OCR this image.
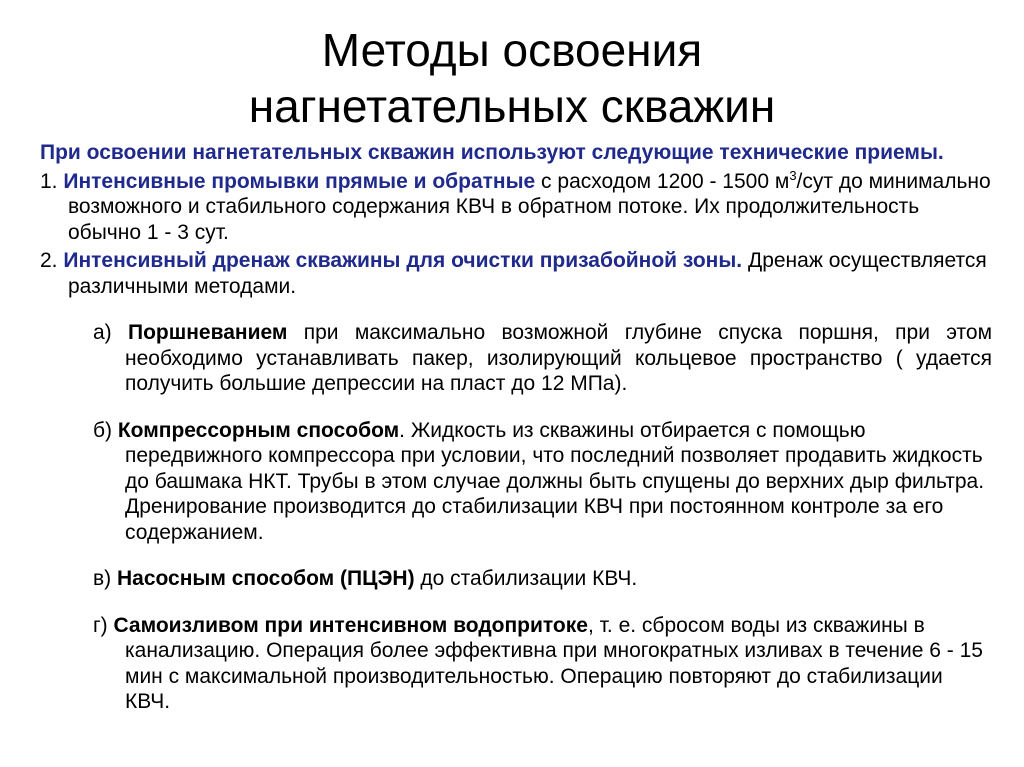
Методы освоения
нагнетательных скважин

При освоении нагнетательных скважин используют следующие технические приемы.

1. Интенсивные промывки прямые и обратные с расходом 1200 - 1500 $м^3$/сут до минимально возможного и стабильного содержания КВЧ в обратном потоке. Их продолжительность обычно 1 - 3 сут.

2. Интенсивный дренаж скважины для очистки призабойной зоны. Дренаж осуществляется различными методами.

а) Поршневанием при максимально возможной глубине спуска поршня, при этом необходимо устанавливать пакер, изолирующий кольцевое пространство ( удается получить большие депрессии на пласт до 12 МПа).

б) Компрессорным способом. Жидкость из скважины отбирается с помощью передвижного компрессора при условии, что последний позволяет продавить жидкость до башмака НКТ. Трубы в этом случае должны быть спущены до верхних дыр фильтра. Дренирование производится до стабилизации КВЧ при постоянном контроле за его содержанием.

в) Насосным способом (ПЦЭН) до стабилизации КВЧ.

г) Самоизливом при интенсивном водопритоке, т. е. сбросом воды из скважины в канализацию. Операция более эффективна при многократных изливах в течение 6 - 15 мин с максимальной производительностью. Операцию повторяют до стабилизации КВЧ.
